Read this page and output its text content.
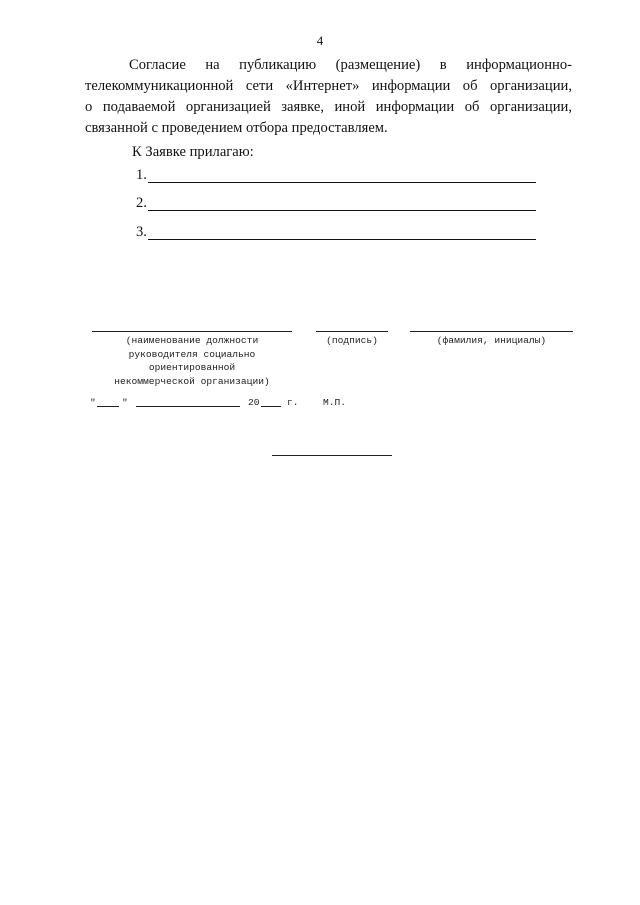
4
Согласие на публикацию (размещение) в информационно-
телекоммуникационной сети «Интернет» информации об организации,
о подаваемой организацией заявке, иной информации об организации,
связанной с проведением отбора предоставляем.
К Заявке прилагаю:
1.
2.
3.
(наименование должности
руководителя социально
ориентированной
некоммерческой организации)
(подпись)	(фамилия, инициалы)
"	"	20	г.	М.П.
